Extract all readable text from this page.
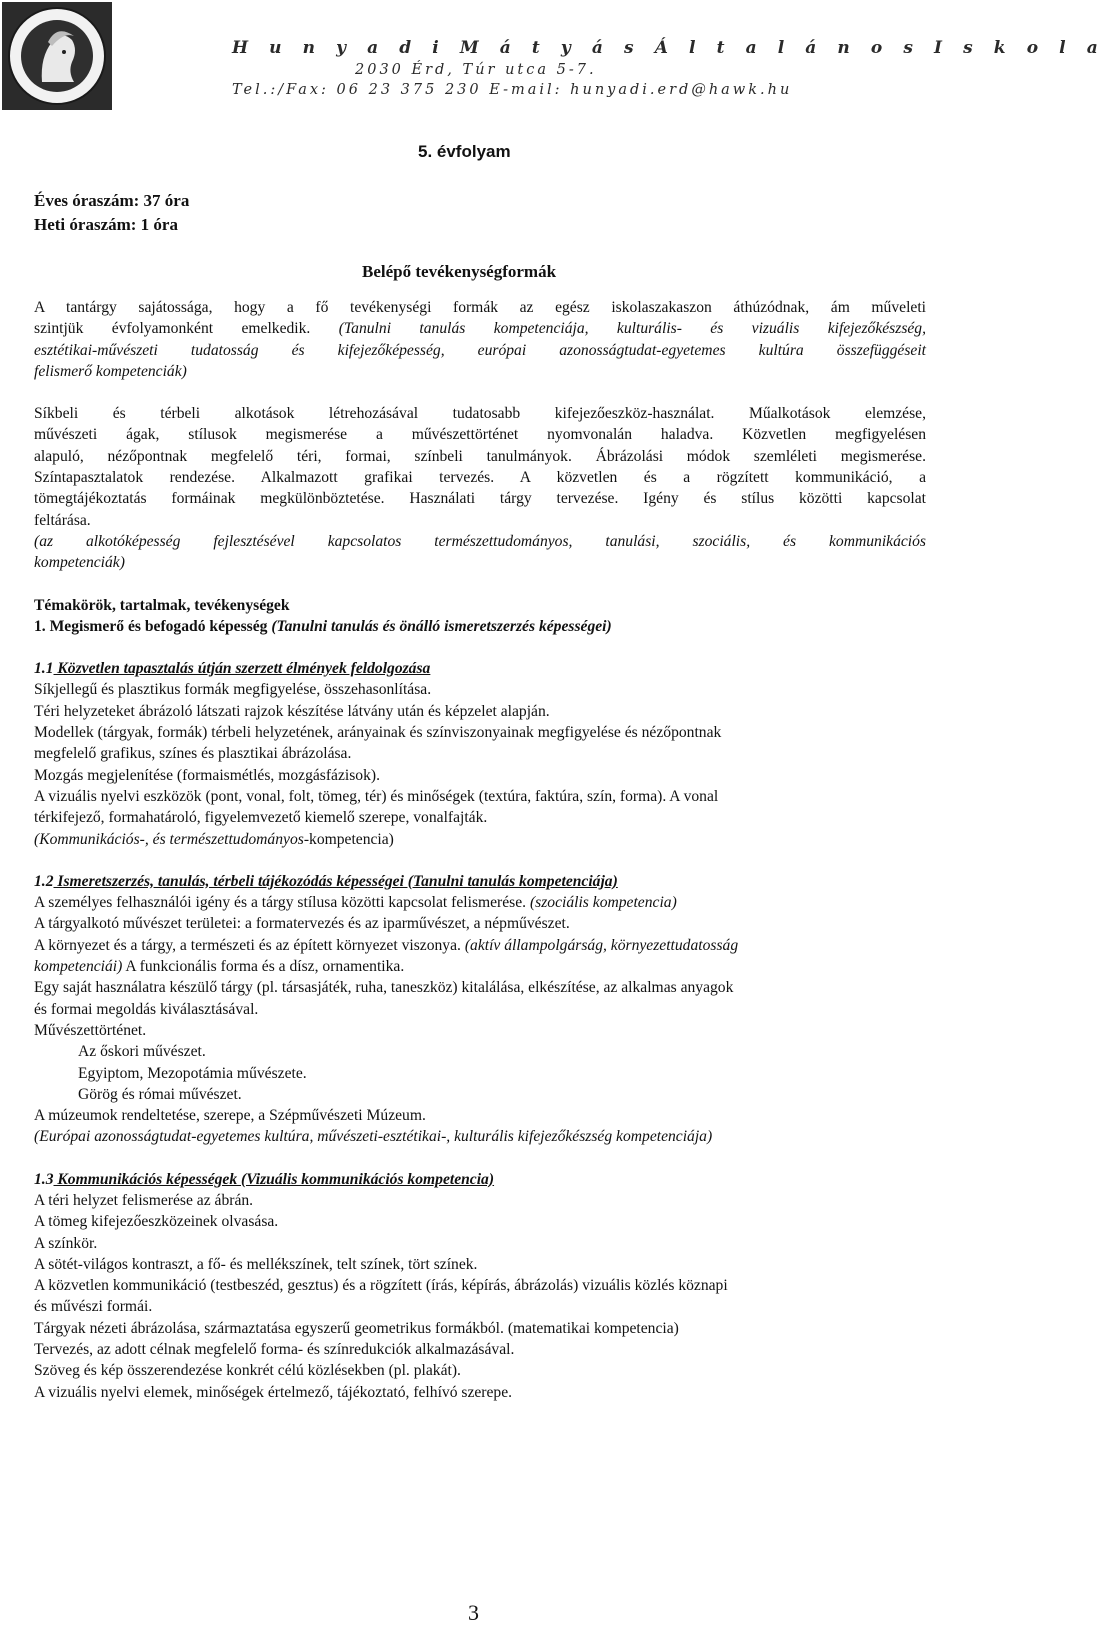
H u n y a d i M á t y á s Á l t a l á n o s I s k o l a
2030 Érd, Túr utca 5-7.
Tel.:/Fax: 06 23 375 230 E-mail: hunyadi.erd@hawk.hu
5. évfolyam
Éves óraszám: 37 óra
Heti óraszám: 1 óra
Belépő tevékenységformák

A tantárgy sajátossága, hogy a fő tevékenységi formák az egész iskolaszakaszon áthúzódnak, ám műveleti

szintjük évfolyamonként emelkedik. (Tanulni tanulás kompetenciája, kulturális- és vizuális kifejezőkészség,

esztétikai-művészeti tudatosság és kifejezőképesség, európai azonosságtudat-egyetemes kultúra összefüggéseit

felismerő kompetenciák)

Síkbeli és térbeli alkotások létrehozásával tudatosabb kifejezőeszköz-használat. Műalkotások elemzése,

művészeti ágak, stílusok megismerése a művészettörténet nyomvonalán haladva. Közvetlen megfigyelésen

alapuló, nézőpontnak megfelelő téri, formai, színbeli tanulmányok. Ábrázolási módok szemléleti megismerése.

Színtapasztalatok rendezése. Alkalmazott grafikai tervezés. A közvetlen és a rögzített kommunikáció, a

tömegtájékoztatás formáinak megkülönböztetése. Használati tárgy tervezése. Igény és stílus közötti kapcsolat

feltárása.

(az alkotóképesség fejlesztésével kapcsolatos természettudományos, tanulási, szociális, és kommunikációs

kompetenciák)

Témakörök, tartalmak, tevékenységek

1. Megismerő és befogadó képesség (Tanulni tanulás és önálló ismeretszerzés képességei)

1.1 Közvetlen tapasztalás útján szerzett élmények feldolgozása

Síkjellegű és plasztikus formák megfigyelése, összehasonlítása.

Téri helyzeteket ábrázoló látszati rajzok készítése látvány után és képzelet alapján.

Modellek (tárgyak, formák) térbeli helyzetének, arányainak és színviszonyainak megfigyelése és nézőpontnak

megfelelő grafikus, színes és plasztikai ábrázolása.

Mozgás megjelenítése (formaismétlés, mozgásfázisok).

A vizuális nyelvi eszközök (pont, vonal, folt, tömeg, tér) és minőségek (textúra, faktúra, szín, forma). A vonal

térkifejező, formahatároló, figyelemvezető kiemelő szerepe, vonalfajták.

(Kommunikációs-, és természettudományos-kompetencia)

1.2 Ismeretszerzés, tanulás, térbeli tájékozódás képességei (Tanulni tanulás kompetenciája)

A személyes felhasználói igény és a tárgy stílusa közötti kapcsolat felismerése. (szociális kompetencia)

A tárgyalkotó művészet területei: a formatervezés és az iparművészet, a népművészet.

A környezet és a tárgy, a természeti és az épített környezet viszonya. (aktív állampolgárság, környezettudatosság

kompetenciái) A funkcionális forma és a dísz, ornamentika.

Egy saját használatra készülő tárgy (pl. társasjáték, ruha, taneszköz) kitalálása, elkészítése, az alkalmas anyagok

és formai megoldás kiválasztásával.

Művészettörténet.

Az őskori művészet.

Egyiptom, Mezopotámia művészete.

Görög és római művészet.

A múzeumok rendeltetése, szerepe, a Szépművészeti Múzeum.

(Európai azonosságtudat-egyetemes kultúra, művészeti-esztétikai-, kulturális kifejezőkészség kompetenciája)

1.3 Kommunikációs képességek (Vizuális kommunikációs kompetencia)

A téri helyzet felismerése az ábrán.

A tömeg kifejezőeszközeinek olvasása.

A színkör.

A sötét-világos kontraszt, a fő- és mellékszínek, telt színek, tört színek.

A közvetlen kommunikáció (testbeszéd, gesztus) és a rögzített (írás, képírás, ábrázolás) vizuális közlés köznapi

és művészi formái.

Tárgyak nézeti ábrázolása, származtatása egyszerű geometrikus formákból. (matematikai kompetencia)

Tervezés, az adott célnak megfelelő forma- és színredukciók alkalmazásával.

Szöveg és kép összerendezése konkrét célú közlésekben (pl. plakát).

A vizuális nyelvi elemek, minőségek értelmező, tájékoztató, felhívó szerepe.

3
